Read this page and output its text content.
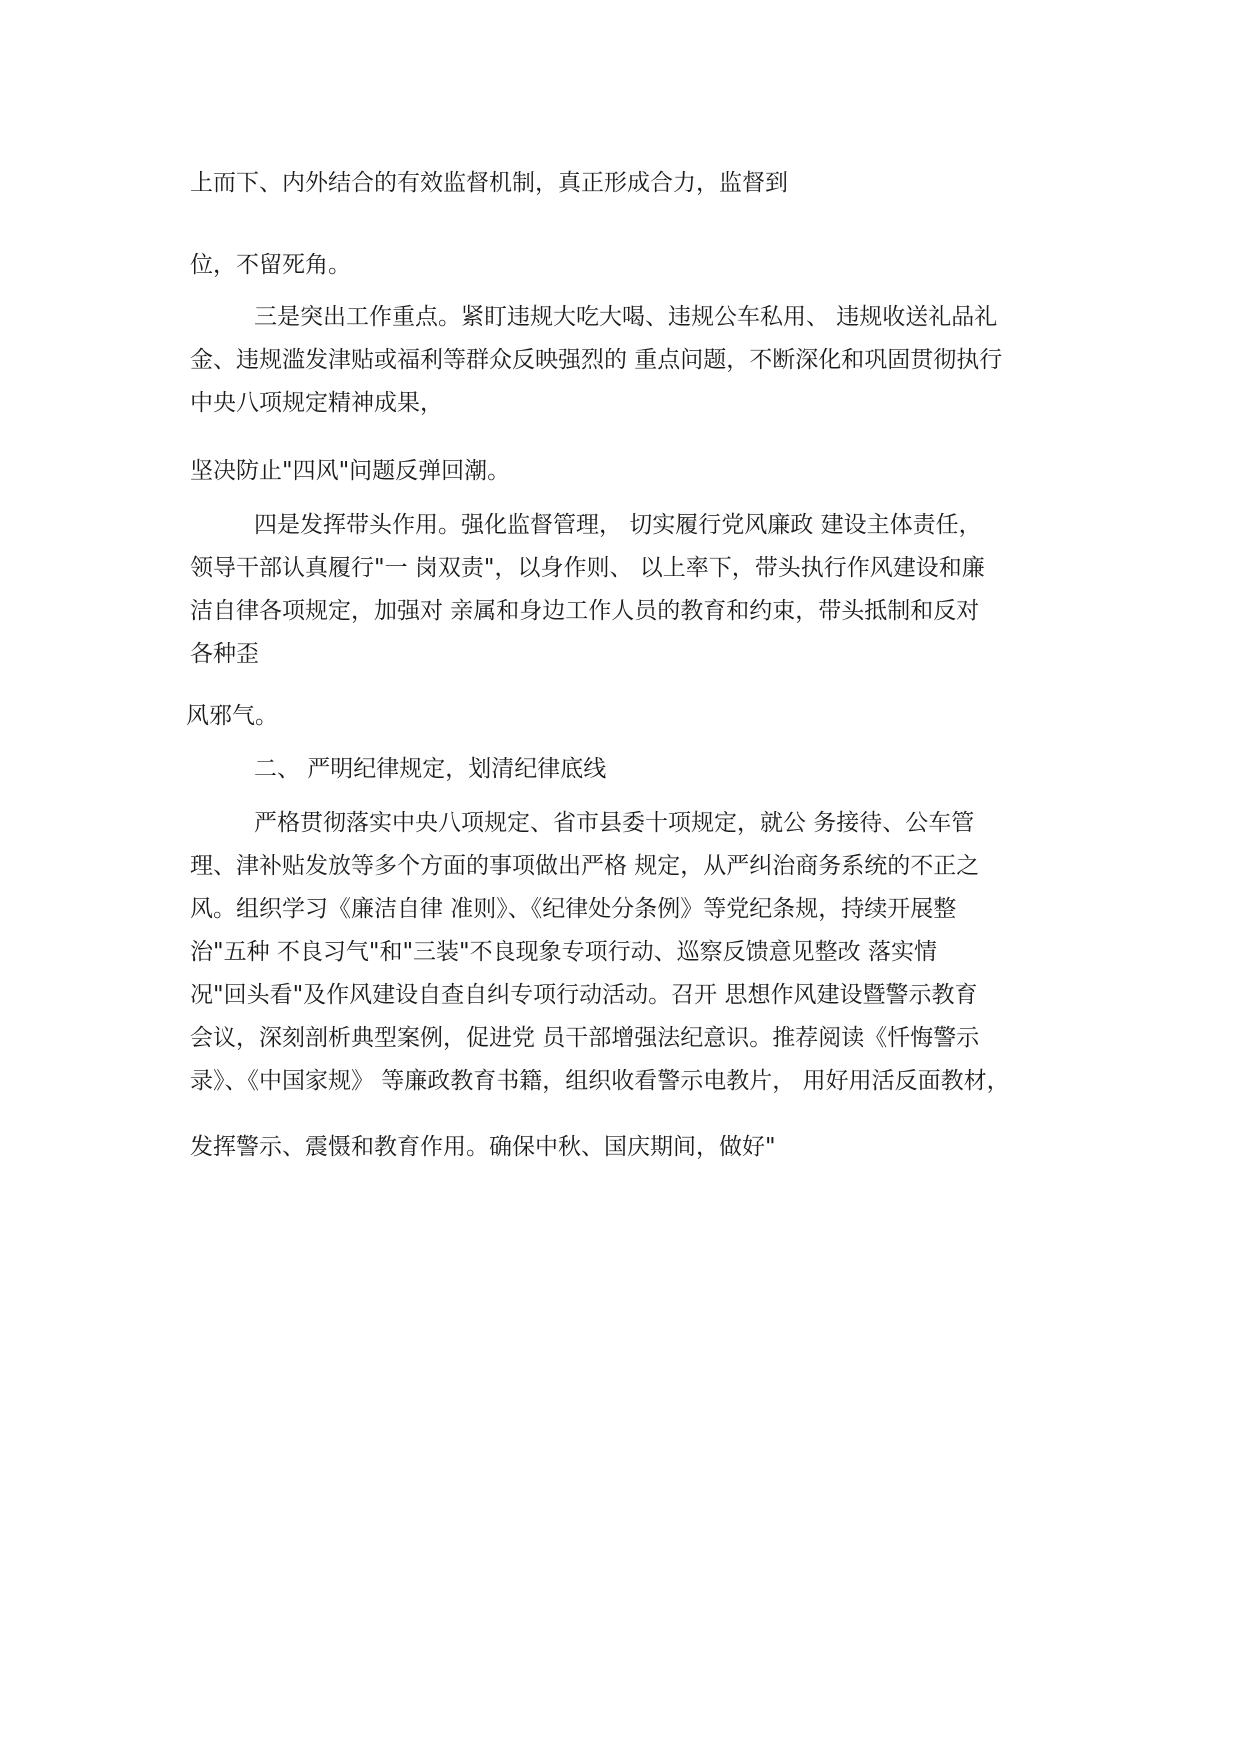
上而下、内外结合的有效监督机制，真正形成合力，监督到

位，不留死角。

三是突出工作重点。紧盯违规大吃大喝、违规公车私用、 违规收送礼品礼

金、违规滥发津贴或福利等群众反映强烈的 重点问题，不断深化和巩固贯彻执行

中央八项规定精神成果，

坚决防止"四风"问题反弹回潮。

四是发挥带头作用。强化监督管理， 切实履行党风廉政 建设主体责任，

领导干部认真履行"一 岗双责"，以身作则、 以上率下，带头执行作风建设和廉

洁自律各项规定，加强对 亲属和身边工作人员的教育和约束，带头抵制和反对

各种歪

风邪气。

二、 严明纪律规定，划清纪律底线

严格贯彻落实中央八项规定、省市县委十项规定，就公 务接待、公车管

理、津补贴发放等多个方面的事项做出严格 规定，从严纠治商务系统的不正之

风。组织学习《廉洁自律 准则》、《纪律处分条例》等党纪条规，持续开展整

治"五种 不良习气"和"三装"不良现象专项行动、巡察反馈意见整改 落实情

况"回头看"及作风建设自查自纠专项行动活动。召开 思想作风建设暨警示教育

会议，深刻剖析典型案例，促进党 员干部增强法纪意识。推荐阅读《忏悔警示

录》、《中国家规》 等廉政教育书籍，组织收看警示电教片， 用好用活反面教材，

发挥警示、震慑和教育作用。确保中秋、国庆期间，做好"
